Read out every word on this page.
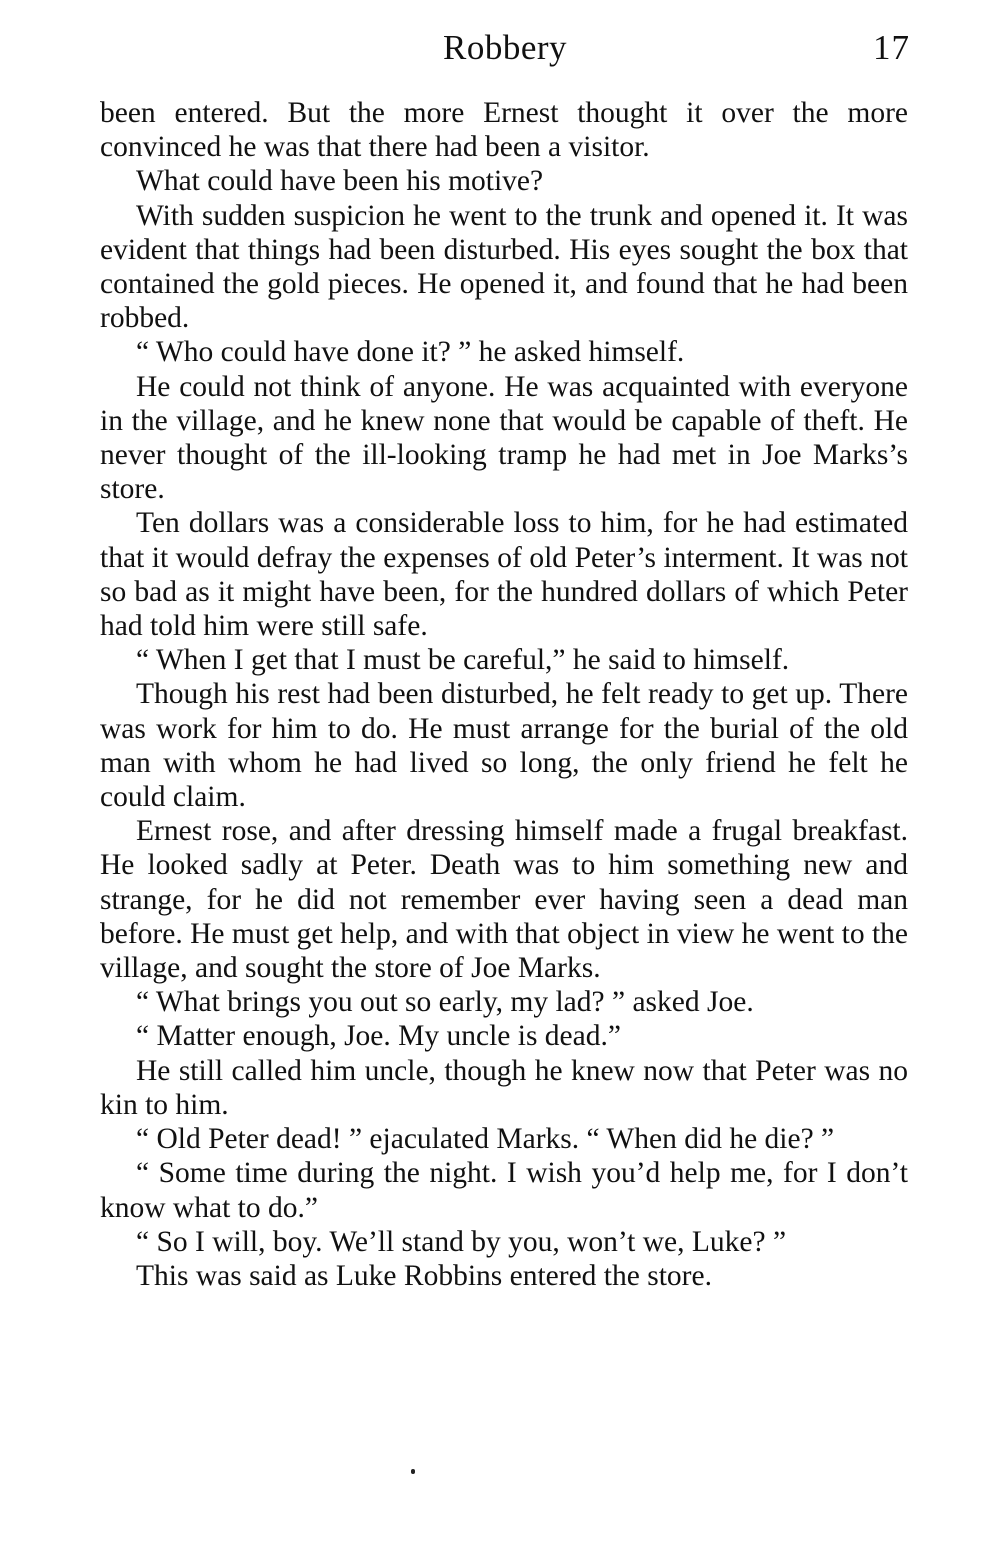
Robbery	17

been entered. But the more Ernest thought it over the more convinced he was that there had been a visitor.

What could have been his motive?

With sudden suspicion he went to the trunk and opened it. It was evident that things had been disturbed. His eyes sought the box that contained the gold pieces. He opened it, and found that he had been robbed.

“ Who could have done it? ” he asked himself.

He could not think of anyone. He was acquainted with everyone in the village, and he knew none that would be capable of theft. He never thought of the ill-looking tramp he had met in Joe Marks’s store.

Ten dollars was a considerable loss to him, for he had estimated that it would defray the expenses of old Peter’s interment. It was not so bad as it might have been, for the hundred dollars of which Peter had told him were still safe.

“ When I get that I must be careful,” he said to himself.

Though his rest had been disturbed, he felt ready to get up. There was work for him to do. He must arrange for the burial of the old man with whom he had lived so long, the only friend he felt he could claim.

Ernest rose, and after dressing himself made a frugal breakfast. He looked sadly at Peter. Death was to him something new and strange, for he did not remember ever having seen a dead man before. He must get help, and with that object in view he went to the village, and sought the store of Joe Marks.

“ What brings you out so early, my lad? ” asked Joe.

“ Matter enough, Joe. My uncle is dead.”

He still called him uncle, though he knew now that Peter was no kin to him.

“ Old Peter dead! ” ejaculated Marks. “ When did he die? ”

“ Some time during the night. I wish you’d help me, for I don’t know what to do.”

“ So I will, boy. We’ll stand by you, won’t we, Luke? ”

This was said as Luke Robbins entered the store.
